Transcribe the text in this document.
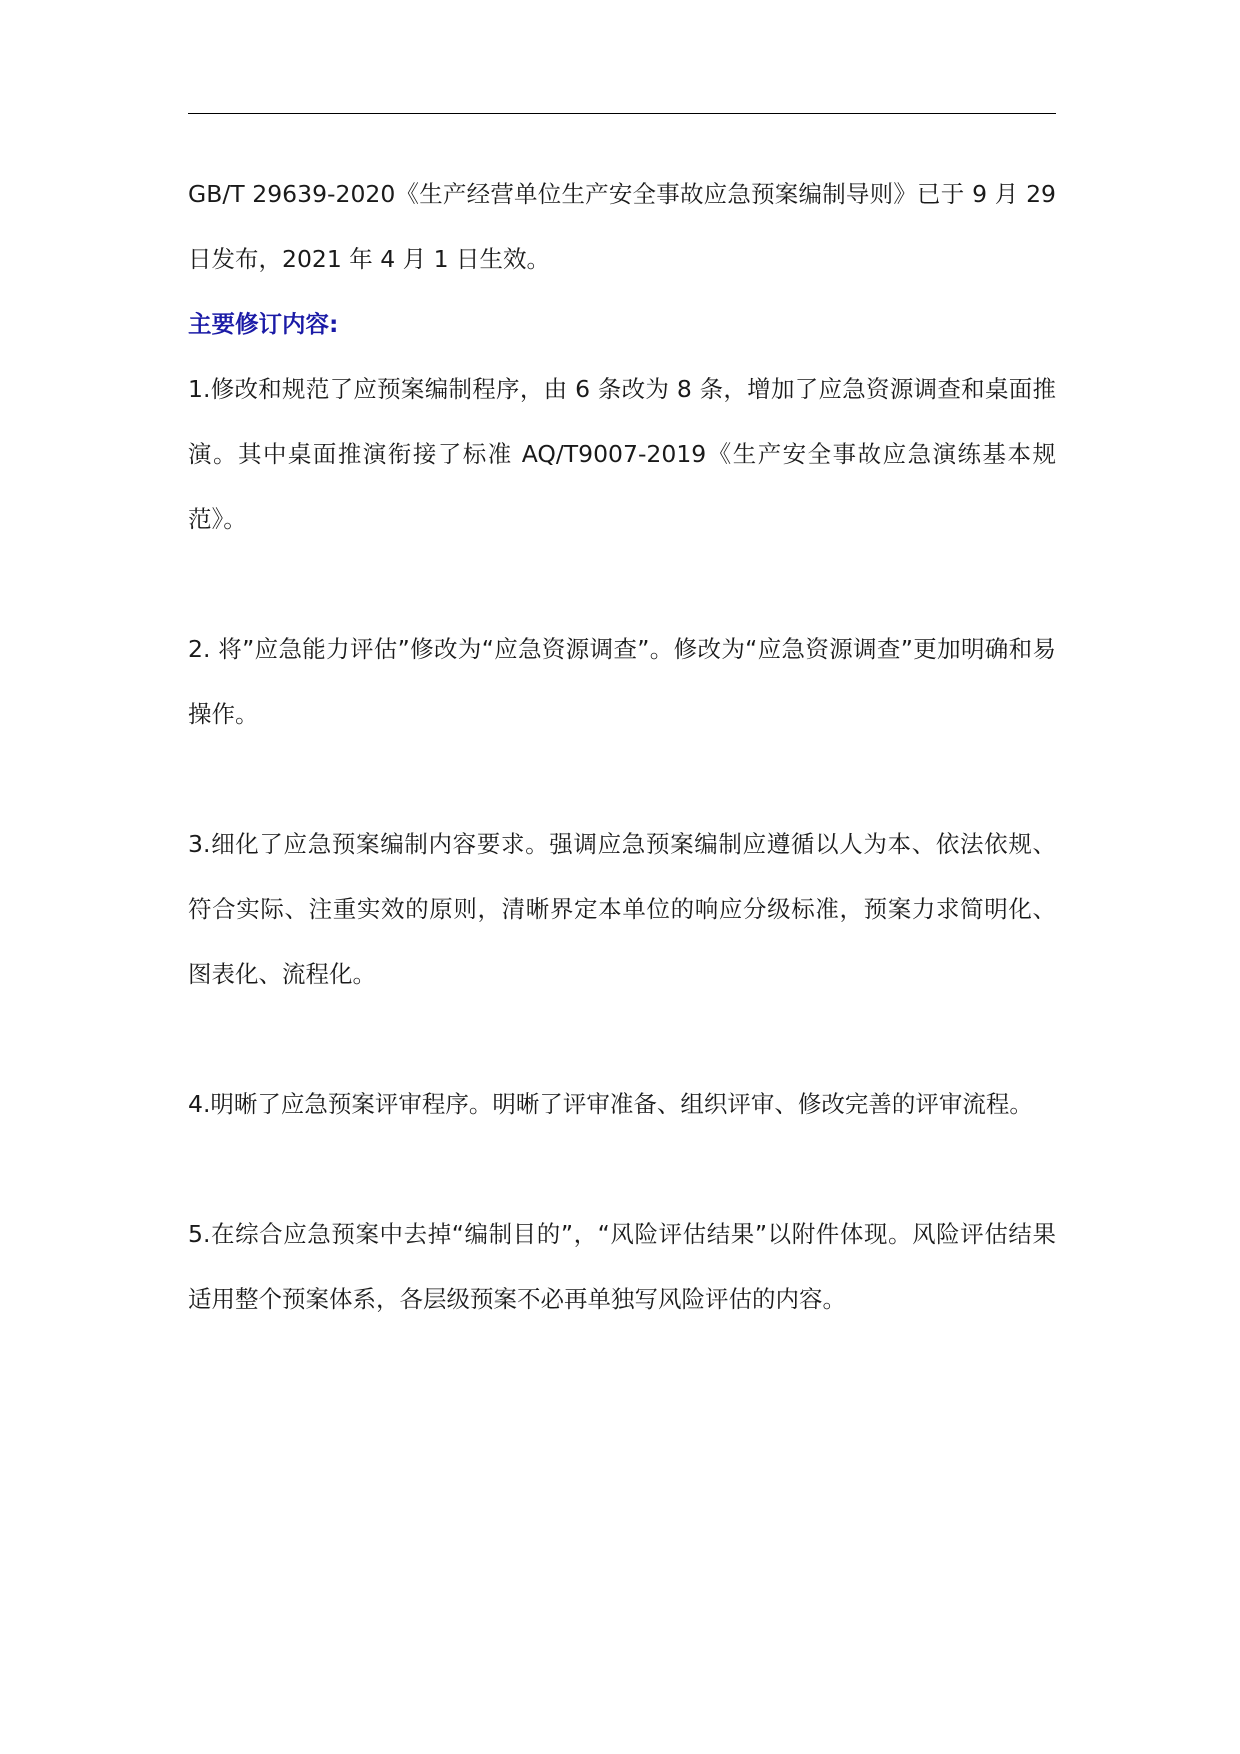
GB/T 29639-2020《生产经营单位生产安全事故应急预案编制导则》已于 9 月 29 日发布，2021 年 4 月 1 日生效。

主要修订内容:

1.修改和规范了应预案编制程序，由 6 条改为 8 条，增加了应急资源调查和桌面推演。其中桌面推演衔接了标准 AQ/T9007-2019《生产安全事故应急演练基本规范》。

2. 将”应急能力评估”修改为“应急资源调查”。修改为“应急资源调查”更加明确和易操作。

3.细化了应急预案编制内容要求。强调应急预案编制应遵循以人为本、依法依规、符合实际、注重实效的原则，清晰界定本单位的响应分级标准，预案力求简明化、图表化、流程化。

4.明晰了应急预案评审程序。明晰了评审准备、组织评审、修改完善的评审流程。

5.在综合应急预案中去掉“编制目的”，“风险评估结果”以附件体现。风险评估结果适用整个预案体系，各层级预案不必再单独写风险评估的内容。
